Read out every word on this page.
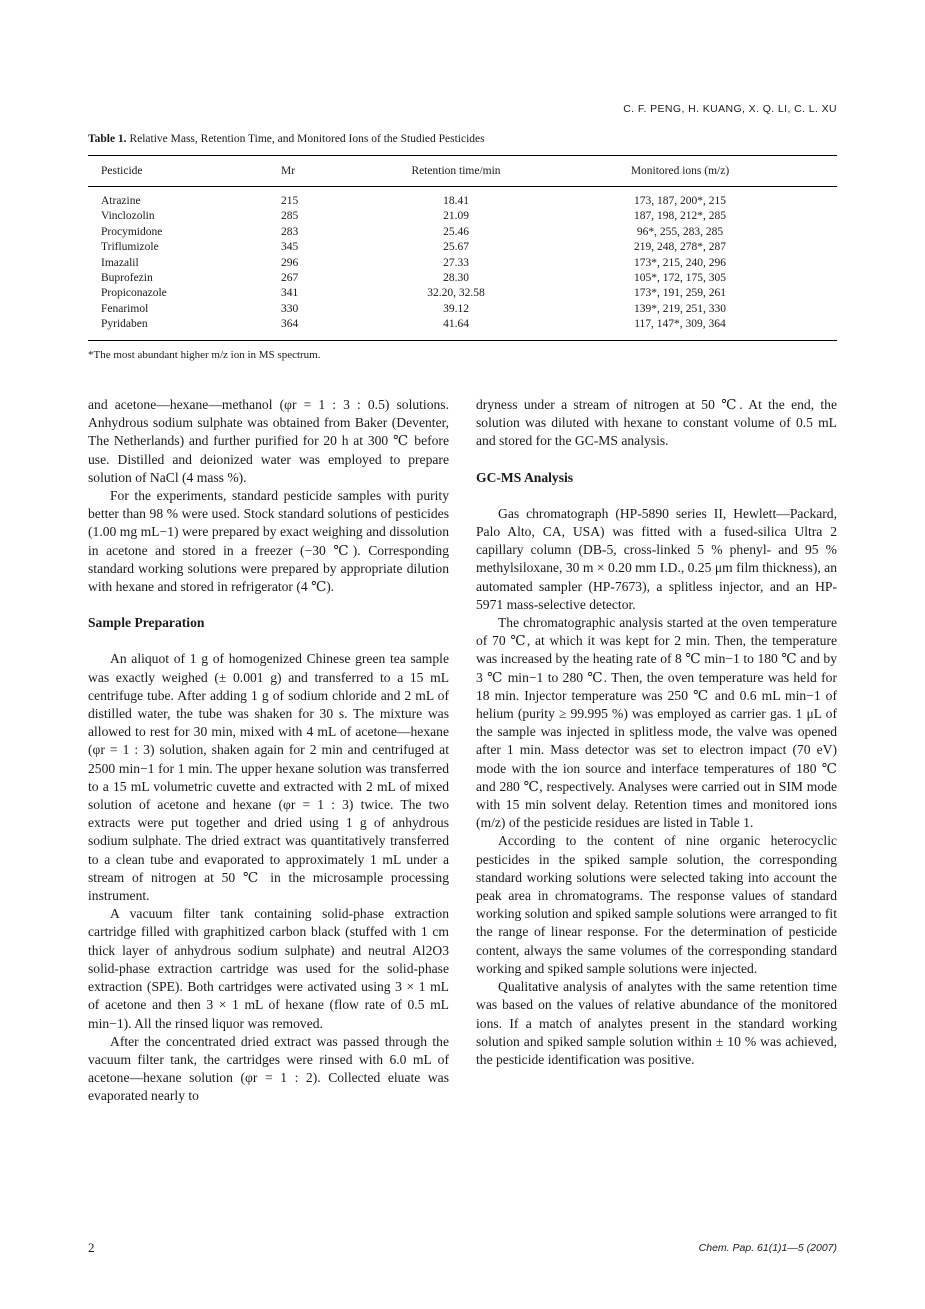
C. F. PENG, H. KUANG, X. Q. LI, C. L. XU
Table 1. Relative Mass, Retention Time, and Monitored Ions of the Studied Pesticides
Pesticide	Mr	Retention time/min	Monitored ions (m/z)
Atrazine	215	18.41	173, 187, 200*, 215
Vinclozolin	285	21.09	187, 198, 212*, 285
Procymidone	283	25.46	96*, 255, 283, 285
Triflumizole	345	25.67	219, 248, 278*, 287
Imazalil	296	27.33	173*, 215, 240, 296
Buprofezin	267	28.30	105*, 172, 175, 305
Propiconazole	341	32.20, 32.58	173*, 191, 259, 261
Fenarimol	330	39.12	139*, 219, 251, 330
Pyridaben	364	41.64	117, 147*, 309, 364
*The most abundant higher m/z ion in MS spectrum.

and acetone—hexane—methanol (φr = 1 : 3 : 0.5) solutions. Anhydrous sodium sulphate was obtained from Baker (Deventer, The Netherlands) and further purified for 20 h at 300 ℃ before use. Distilled and deionized water was employed to prepare solution of NaCl (4 mass %).

For the experiments, standard pesticide samples with purity better than 98 % were used. Stock standard solutions of pesticides (1.00 mg mL−1) were prepared by exact weighing and dissolution in acetone and stored in a freezer (−30 ℃). Corresponding standard working solutions were prepared by appropriate dilution with hexane and stored in refrigerator (4 ℃).

Sample Preparation

An aliquot of 1 g of homogenized Chinese green tea sample was exactly weighed (± 0.001 g) and transferred to a 15 mL centrifuge tube. After adding 1 g of sodium chloride and 2 mL of distilled water, the tube was shaken for 30 s. The mixture was allowed to rest for 30 min, mixed with 4 mL of acetone—hexane (φr = 1 : 3) solution, shaken again for 2 min and centrifuged at 2500 min−1 for 1 min. The upper hexane solution was transferred to a 15 mL volumetric cuvette and extracted with 2 mL of mixed solution of acetone and hexane (φr = 1 : 3) twice. The two extracts were put together and dried using 1 g of anhydrous sodium sulphate. The dried extract was quantitatively transferred to a clean tube and evaporated to approximately 1 mL under a stream of nitrogen at 50 ℃ in the microsample processing instrument.

A vacuum filter tank containing solid-phase extraction cartridge filled with graphitized carbon black (stuffed with 1 cm thick layer of anhydrous sodium sulphate) and neutral Al2O3 solid-phase extraction cartridge was used for the solid-phase extraction (SPE). Both cartridges were activated using 3 × 1 mL of acetone and then 3 × 1 mL of hexane (flow rate of 0.5 mL min−1). All the rinsed liquor was removed.

After the concentrated dried extract was passed through the vacuum filter tank, the cartridges were rinsed with 6.0 mL of acetone—hexane solution (φr = 1 : 2). Collected eluate was evaporated nearly to

dryness under a stream of nitrogen at 50 ℃. At the end, the solution was diluted with hexane to constant volume of 0.5 mL and stored for the GC-MS analysis.

GC-MS Analysis

Gas chromatograph (HP-5890 series II, Hewlett—Packard, Palo Alto, CA, USA) was fitted with a fused-silica Ultra 2 capillary column (DB-5, cross-linked 5 % phenyl- and 95 % methylsiloxane, 30 m × 0.20 mm I.D., 0.25 μm film thickness), an automated sampler (HP-7673), a splitless injector, and an HP-5971 mass-selective detector.

The chromatographic analysis started at the oven temperature of 70 ℃, at which it was kept for 2 min. Then, the temperature was increased by the heating rate of 8 ℃ min−1 to 180 ℃ and by 3 ℃ min−1 to 280 ℃. Then, the oven temperature was held for 18 min. Injector temperature was 250 ℃ and 0.6 mL min−1 of helium (purity ≥ 99.995 %) was employed as carrier gas. 1 μL of the sample was injected in splitless mode, the valve was opened after 1 min. Mass detector was set to electron impact (70 eV) mode with the ion source and interface temperatures of 180 ℃ and 280 ℃, respectively. Analyses were carried out in SIM mode with 15 min solvent delay. Retention times and monitored ions (m/z) of the pesticide residues are listed in Table 1.

According to the content of nine organic heterocyclic pesticides in the spiked sample solution, the corresponding standard working solutions were selected taking into account the peak area in chromatograms. The response values of standard working solution and spiked sample solutions were arranged to fit the range of linear response. For the determination of pesticide content, always the same volumes of the corresponding standard working and spiked sample solutions were injected.

Qualitative analysis of analytes with the same retention time was based on the values of relative abundance of the monitored ions. If a match of analytes present in the standard working solution and spiked sample solution within ± 10 % was achieved, the pesticide identification was positive.

2	Chem. Pap. 61(1)1—5 (2007)
